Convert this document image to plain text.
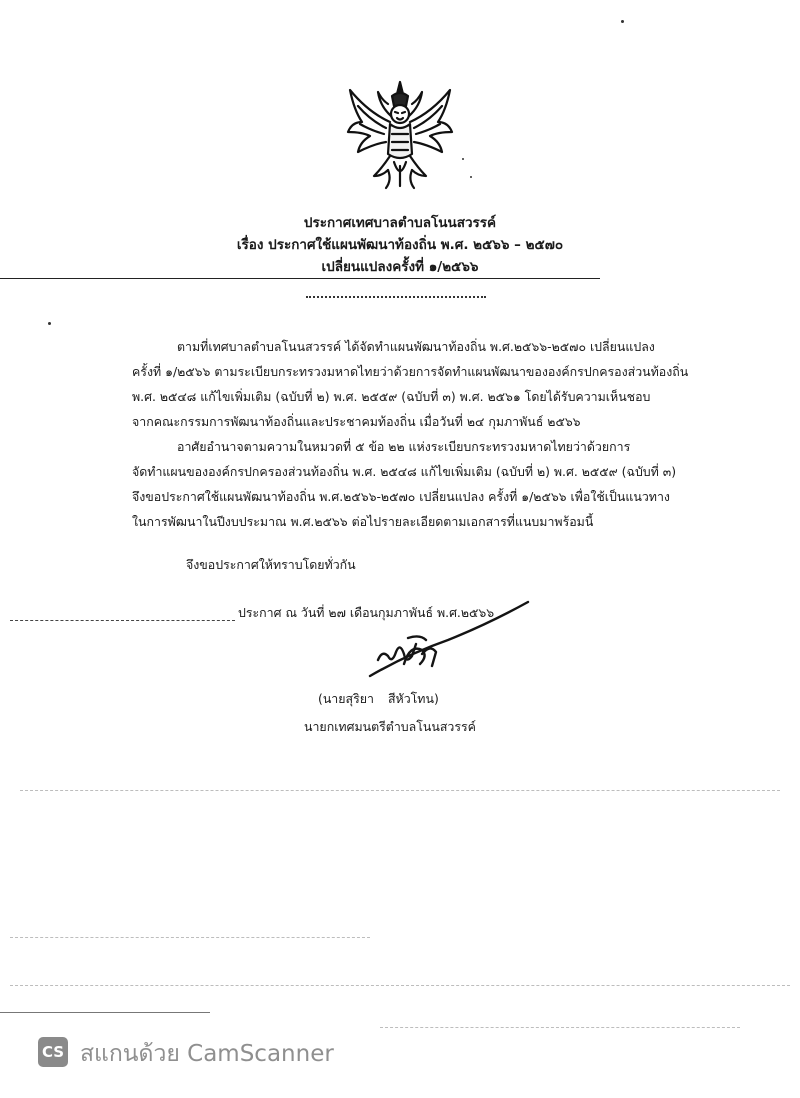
ประกาศเทศบาลตำบลโนนสวรรค์
เรื่อง ประกาศใช้แผนพัฒนาท้องถิ่น พ.ศ. ๒๕๖๖ – ๒๕๗๐
เปลี่ยนแปลงครั้งที่ ๑/๒๕๖๖

ตามที่เทศบาลตำบลโนนสวรรค์ ได้จัดทำแผนพัฒนาท้องถิ่น พ.ศ.๒๕๖๖-๒๕๗๐ เปลี่ยนแปลง

ครั้งที่ ๑/๒๕๖๖ ตามระเบียบกระทรวงมหาดไทยว่าด้วยการจัดทำแผนพัฒนาขององค์กรปกครองส่วนท้องถิ่น

พ.ศ. ๒๕๔๘ แก้ไขเพิ่มเติม (ฉบับที่ ๒) พ.ศ. ๒๕๕๙ (ฉบับที่ ๓) พ.ศ. ๒๕๖๑ โดยได้รับความเห็นชอบ

จากคณะกรรมการพัฒนาท้องถิ่นและประชาคมท้องถิ่น เมื่อวันที่ ๒๔ กุมภาพันธ์ ๒๕๖๖

อาศัยอำนาจตามความในหมวดที่ ๕ ข้อ ๒๒ แห่งระเบียบกระทรวงมหาดไทยว่าด้วยการ

จัดทำแผนขององค์กรปกครองส่วนท้องถิ่น พ.ศ. ๒๕๔๘ แก้ไขเพิ่มเติม (ฉบับที่ ๒) พ.ศ. ๒๕๕๙ (ฉบับที่ ๓)

จึงขอประกาศใช้แผนพัฒนาท้องถิ่น พ.ศ.๒๕๖๖-๒๕๗๐ เปลี่ยนแปลง ครั้งที่ ๑/๒๕๖๖ เพื่อใช้เป็นแนวทาง

ในการพัฒนาในปีงบประมาณ พ.ศ.๒๕๖๖ ต่อไปรายละเอียดตามเอกสารที่แนบมาพร้อมนี้

จึงขอประกาศให้ทราบโดยทั่วกัน
ประกาศ ณ วันที่ ๒๗ เดือนกุมภาพันธ์ พ.ศ.๒๕๖๖
(นายสุริยา สีหัวโทน)
นายกเทศมนตรีตำบลโนนสวรรค์
CS สแกนด้วย CamScanner
